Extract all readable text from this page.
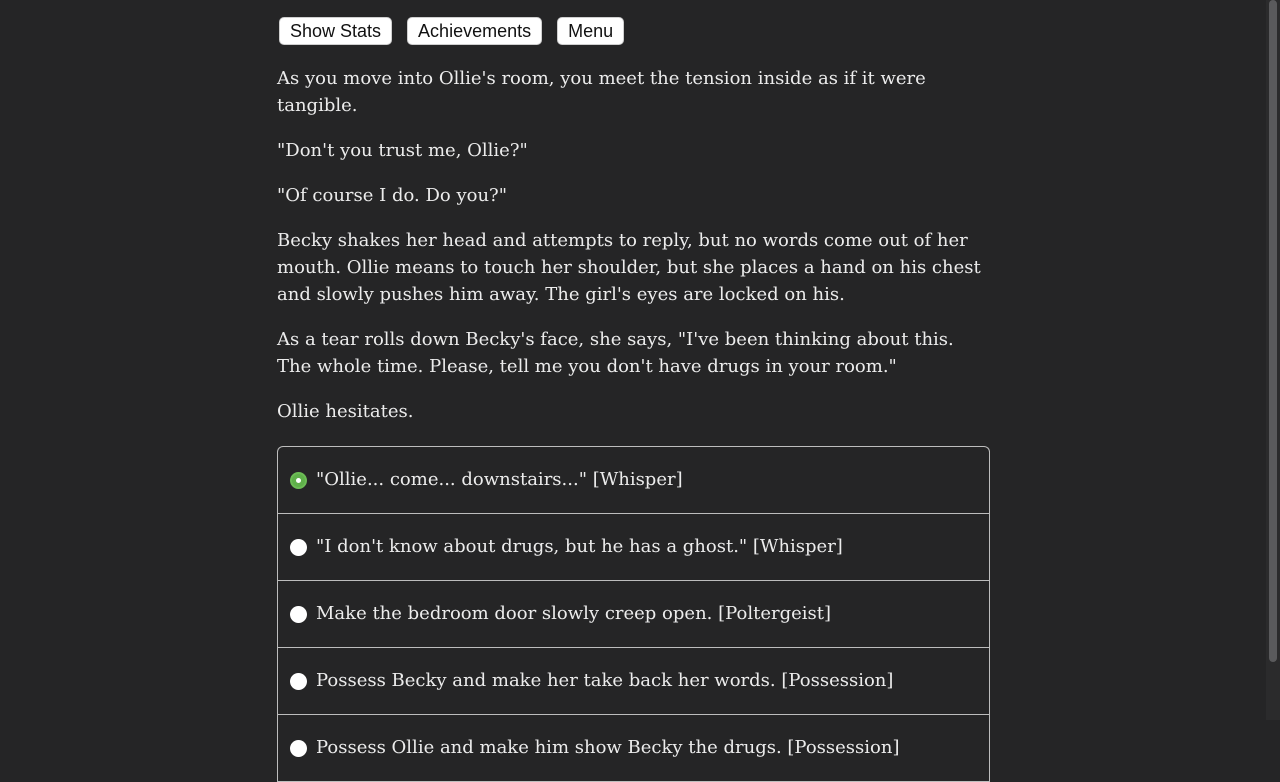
Show Stats	Achievements	Menu

As you move into Ollie's room, you meet the tension inside as if it were tangible.

"Don't you trust me, Ollie?"

"Of course I do. Do you?"

Becky shakes her head and attempts to reply, but no words come out of her mouth. Ollie means to touch her shoulder, but she places a hand on his chest and slowly pushes him away. The girl's eyes are locked on his.

As a tear rolls down Becky's face, she says, "I've been thinking about this. The whole time. Please, tell me you don't have drugs in your room."

Ollie hesitates.

"Ollie... come... downstairs..." [Whisper]
"I don't know about drugs, but he has a ghost." [Whisper]
Make the bedroom door slowly creep open. [Poltergeist]
Possess Becky and make her take back her words. [Possession]
Possess Ollie and make him show Becky the drugs. [Possession]
